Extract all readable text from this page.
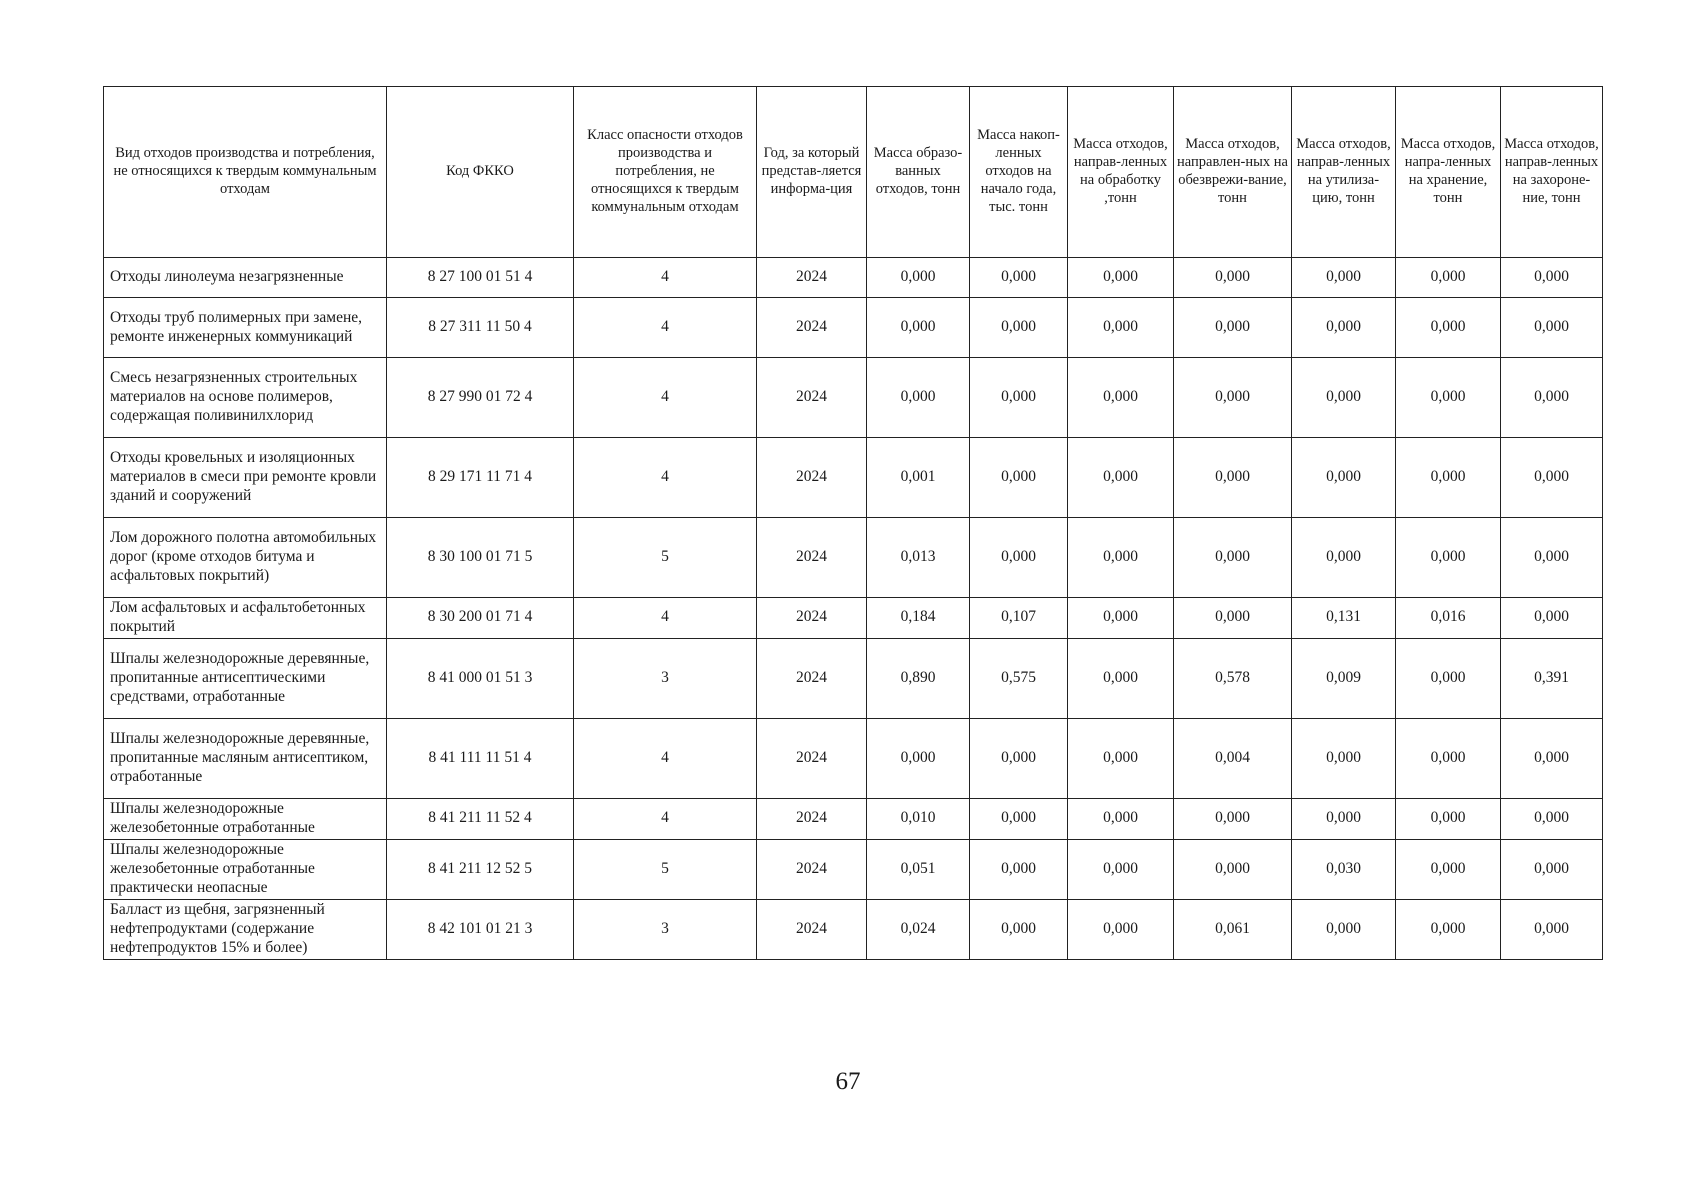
Вид отходов производства и потребления, не относящихся к твердым коммунальным отходам	Код ФККО	Класс опасности отходов производства и потребления, не относящихся к твердым коммунальным отходам	Год, за который представ-ляется информа-ция	Масса образо-ванных отходов, тонн	Масса накоп-ленных отходов на начало года, тыс. тонн	Масса отходов, направ-ленных на обработку ,тонн	Масса отходов, направлен-ных на обезврежи-вание, тонн	Масса отходов, направ-ленных на утилиза-цию, тонн	Масса отходов, напра-ленных на хранение, тонн	Масса отходов, направ-ленных на захороне-ние, тонн
Отходы линолеума незагрязненные	8 27 100 01 51 4	4	2024	0,000	0,000	0,000	0,000	0,000	0,000	0,000
Отходы труб полимерных при замене, ремонте инженерных коммуникаций	8 27 311 11 50 4	4	2024	0,000	0,000	0,000	0,000	0,000	0,000	0,000
Смесь незагрязненных строительных материалов на основе полимеров, содержащая поливинилхлорид	8 27 990 01 72 4	4	2024	0,000	0,000	0,000	0,000	0,000	0,000	0,000
Отходы кровельных и изоляционных материалов в смеси при ремонте кровли зданий и сооружений	8 29 171 11 71 4	4	2024	0,001	0,000	0,000	0,000	0,000	0,000	0,000
Лом дорожного полотна автомобильных дорог (кроме отходов битума и асфальтовых покрытий)	8 30 100 01 71 5	5	2024	0,013	0,000	0,000	0,000	0,000	0,000	0,000
Лом асфальтовых и асфальтобетонных покрытий	8 30 200 01 71 4	4	2024	0,184	0,107	0,000	0,000	0,131	0,016	0,000
Шпалы железнодорожные деревянные, пропитанные антисептическими средствами, отработанные	8 41 000 01 51 3	3	2024	0,890	0,575	0,000	0,578	0,009	0,000	0,391
Шпалы железнодорожные деревянные, пропитанные масляным антисептиком, отработанные	8 41 111 11 51 4	4	2024	0,000	0,000	0,000	0,004	0,000	0,000	0,000
Шпалы железнодорожные железобетонные отработанные	8 41 211 11 52 4	4	2024	0,010	0,000	0,000	0,000	0,000	0,000	0,000
Шпалы железнодорожные железобетонные отработанные практически неопасные	8 41 211 12 52 5	5	2024	0,051	0,000	0,000	0,000	0,030	0,000	0,000
Балласт из щебня, загрязненный нефтепродуктами (содержание нефтепродуктов 15% и более)	8 42 101 01 21 3	3	2024	0,024	0,000	0,000	0,061	0,000	0,000	0,000
67
